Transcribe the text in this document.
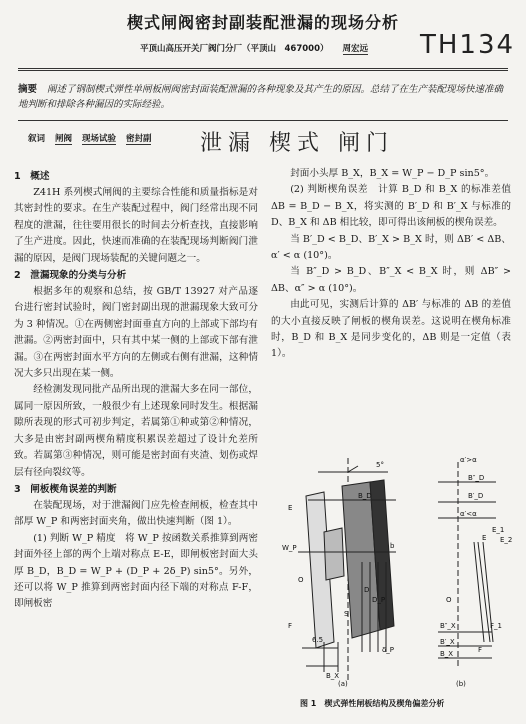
楔式闸阀密封副装配泄漏的现场分析
平顶山高压开关厂阀门分厂（平顶山　467000） 周宏远 TH134
摘要 阐述了钢制楔式弹性单闸板闸阀密封面装配泄漏的各种现象及其产生的原因。总结了在生产装配现场快速准确地判断和排除各种漏因的实际经验。
叙词 闸阀 现场试验 密封副	泄漏 楔式 闸门
1　概述

Z41H 系列楔式闸阀的主要综合性能和质量指标是对其密封性的要求。在生产装配过程中，阀门经常出现不同程度的泄漏，往往要用很长的时间去分析查找，直接影响了生产进度。因此，快速而准确的在装配现场判断阀门泄漏的原因，是阀门现场装配的关键问题之一。

2　泄漏现象的分类与分析

根据多年的观察和总结，按 GB/T 13927 对产品逐台进行密封试验时，阀门密封副出现的泄漏现象大致可分为 3 种情况。①在两侧密封面垂直方向的上部或下部均有泄漏。②两密封面中，只有其中某一侧的上部或下部有泄漏。③在两密封面水平方向的左侧或右侧有泄漏，这种情况大多只出现在某一侧。

经检测发现同批产品所出现的泄漏大多在同一部位，属同一原因所致，一般很少有上述现象同时发生。根据漏隙所表现的形式可初步判定，若属第①种或第②种情况，大多是由密封副两楔角精度积累误差超过了设计允差所致。若属第③种情况，则可能是密封面有夹渣、划伤或焊层有径向裂纹等。

3　闸板楔角误差的判断

在装配现场，对于泄漏阀门应先检查闸板，检查其中部厚 W_P 和两密封面夹角，做出快速判断（图 1）。

(1) 判断 W_P 精度　将 W_P 按函数关系推算到两密封面外径上部的两个上端对称点 E-E，即闸板密封面大头厚 B_D，B_D = W_P + (D_P + 2δ_P) sin5°。另外，还可以将 W_P 推算到两密封面内径下端的对称点 F-F，即闸板密

封面小头厚 B_X，B_X = W_P − D_P sin5°。

(2) 判断楔角误差　计算 B_D 和 B_X 的标准差值 ΔB = B_D − B_X，将实测的 B′_D 和 B′_X 与标准的 D、B_X 和 ΔB 相比较，即可得出该闸板的楔角误差。

当 B′_D < B_D、B′_X > B_X 时，则 ΔB′ < ΔB、α′ < α (10°)。

当 B″_D > B_D、B″_X < B_X 时，则 ΔB″ > ΔB、α″ > α (10°)。

由此可见，实测后计算的 ΔB′ 与标准的 ΔB 的差值的大小直接反映了闸板的楔角误差。这说明在楔角标准时，B_D 和 B_X 是同步变化的，ΔB 则是一定值（表 1）。

5°
B_D
E
W_P
O
F
6.5
B_X
D
D_P
S
δ_P
b
α′>α
B″_D
B′_D
α′<α
E
E_1
E_2
F
F_1
B″_X
B′_X
B_X
O
(a)	(b)
图 1　楔式弹性闸板结构及楔角偏差分析
